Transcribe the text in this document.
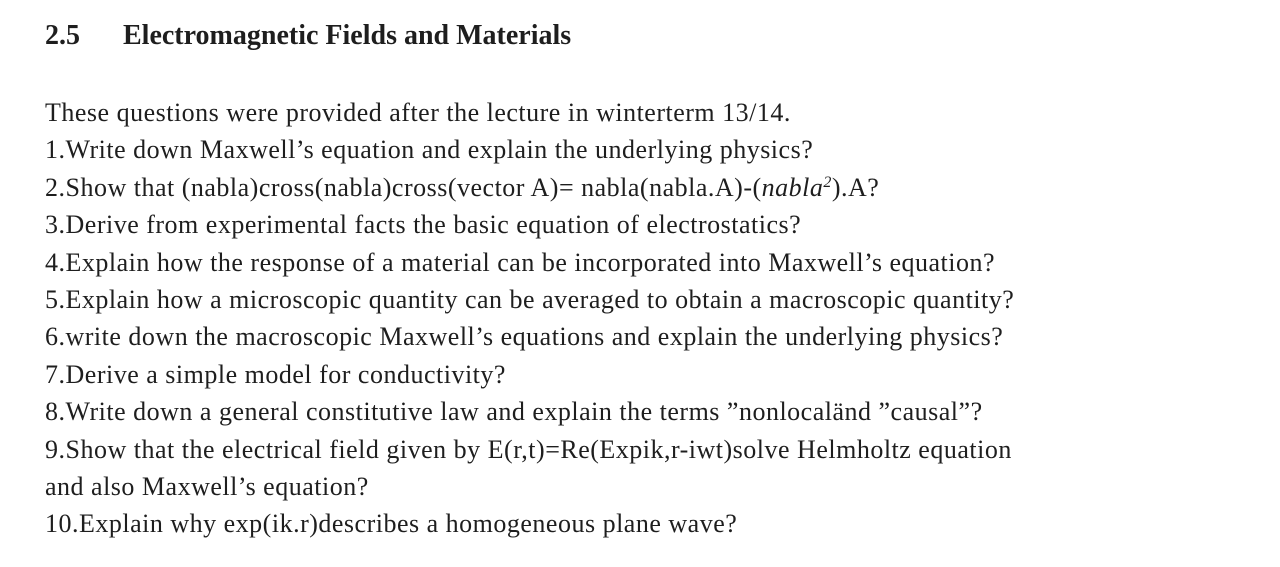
2.5	Electromagnetic Fields and Materials
These questions were provided after the lecture in winterterm 13/14.
1.Write down Maxwell’s equation and explain the underlying physics?
2.Show that (nabla)cross(nabla)cross(vector A)= nabla(nabla.A)-(nabla$^2$).A?
3.Derive from experimental facts the basic equation of electrostatics?
4.Explain how the response of a material can be incorporated into Maxwell’s equation?
5.Explain how a microscopic quantity can be averaged to obtain a macroscopic quantity?
6.write down the macroscopic Maxwell’s equations and explain the underlying physics?
7.Derive a simple model for conductivity?
8.Write down a general constitutive law and explain the terms ”nonlocaländ ”causal”?
9.Show that the electrical field given by E(r,t)=Re(Expik,r-iwt)solve Helmholtz equation
and also Maxwell’s equation?
10.Explain why exp(ik.r)describes a homogeneous plane wave?
